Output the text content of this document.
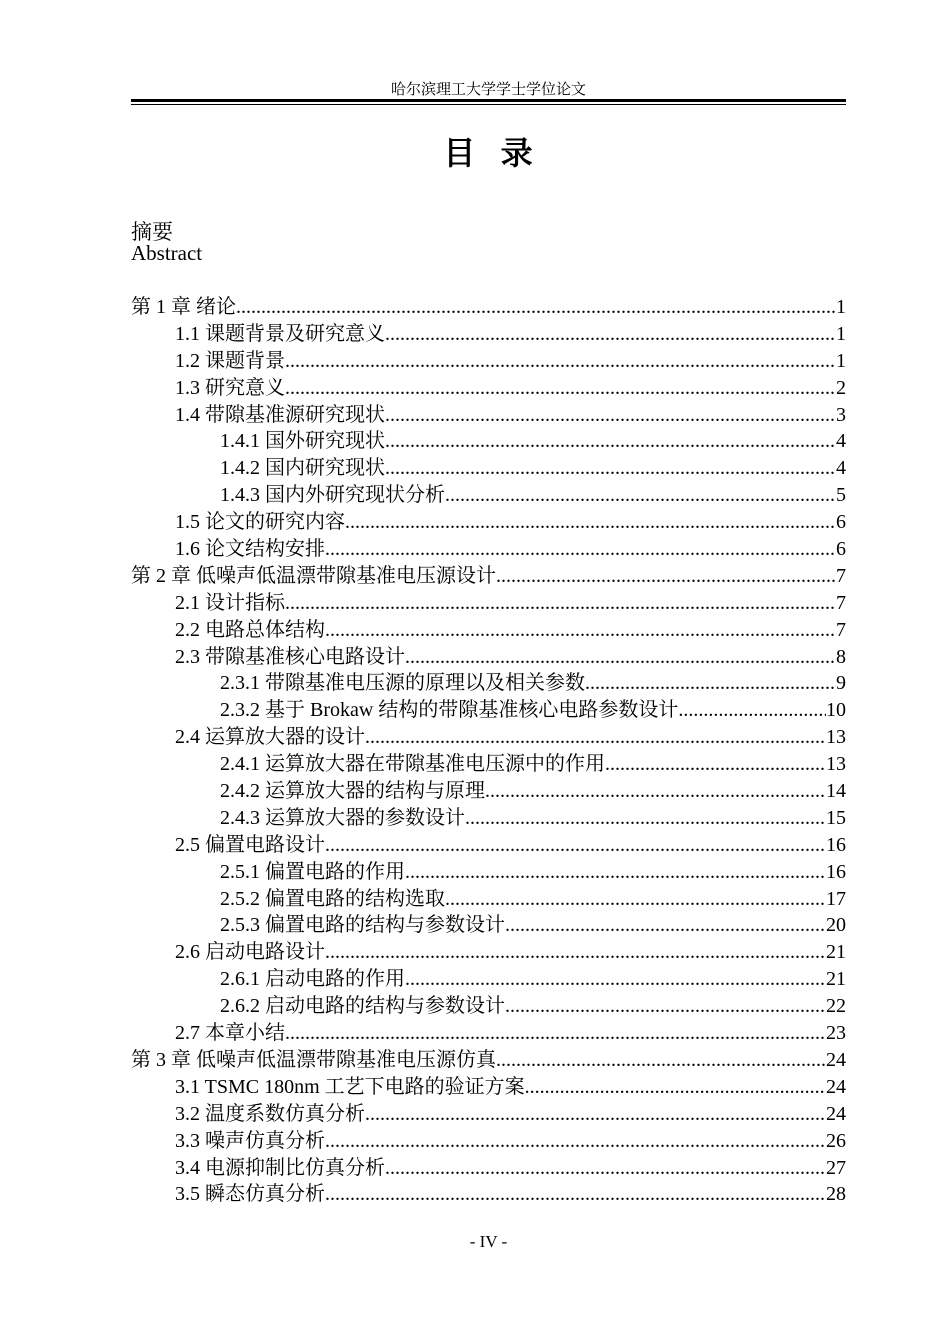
哈尔滨理工大学学士学位论文
目  录
摘要
Abstract
第 1 章 绪论 .....	1
1.1 课题背景及研究意义 .....	1
1.2 课题背景 .....	1
1.3 研究意义 .....	2
1.4 带隙基准源研究现状 .....	3
1.4.1 国外研究现状 .....	4
1.4.2 国内研究现状 .....	4
1.4.3 国内外研究现状分析 .....	5
1.5 论文的研究内容 .....	6
1.6 论文结构安排 .....	6
第 2 章 低噪声低温漂带隙基准电压源设计 .....	7
2.1 设计指标 .....	7
2.2 电路总体结构 .....	7
2.3 带隙基准核心电路设计 .....	8
2.3.1 带隙基准电压源的原理以及相关参数 .....	9
2.3.2 基于 Brokaw 结构的带隙基准核心电路参数设计 .....	10
2.4 运算放大器的设计 .....	13
2.4.1 运算放大器在带隙基准电压源中的作用 .....	13
2.4.2 运算放大器的结构与原理 .....	14
2.4.3 运算放大器的参数设计 .....	15
2.5 偏置电路设计 .....	16
2.5.1 偏置电路的作用 .....	16
2.5.2 偏置电路的结构选取 .....	17
2.5.3 偏置电路的结构与参数设计 .....	20
2.6 启动电路设计 .....	21
2.6.1 启动电路的作用 .....	21
2.6.2 启动电路的结构与参数设计 .....	22
2.7 本章小结 .....	23
第 3 章 低噪声低温漂带隙基准电压源仿真 .....	24
3.1 TSMC 180nm 工艺下电路的验证方案 .....	24
3.2 温度系数仿真分析 .....	24
3.3 噪声仿真分析 .....	26
3.4 电源抑制比仿真分析 .....	27
3.5 瞬态仿真分析 .....	28
- IV -
